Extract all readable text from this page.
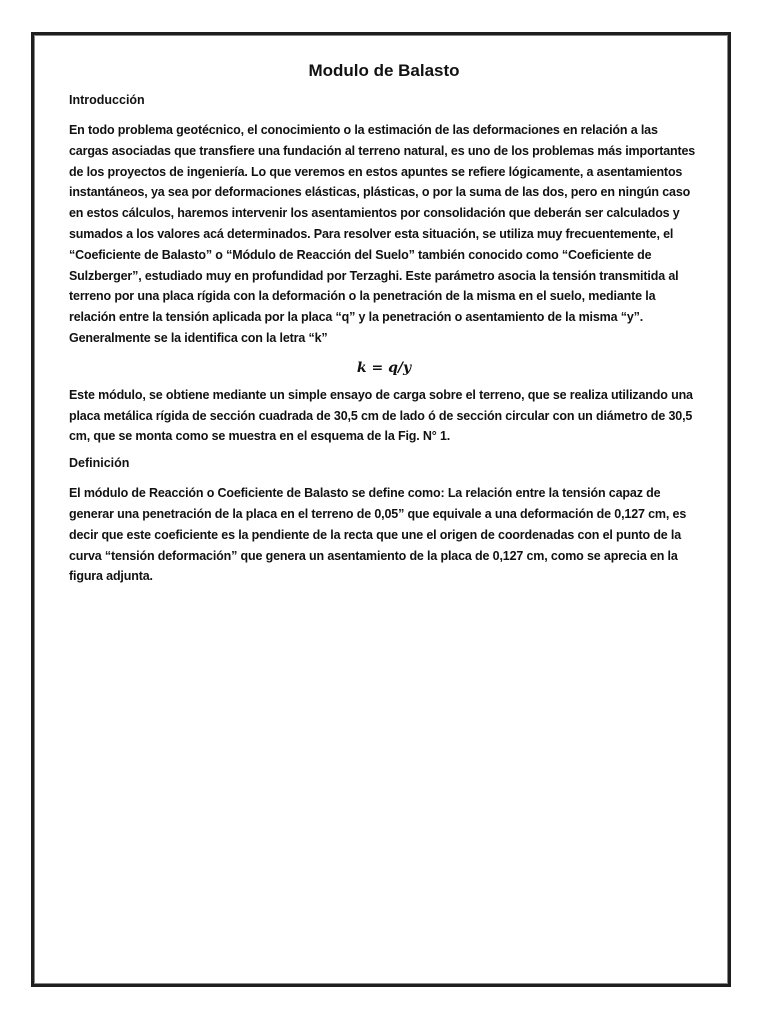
Modulo de Balasto
Introducción

En todo problema geotécnico, el conocimiento o la estimación de las deformaciones en relación a las cargas asociadas que transfiere una fundación al terreno natural, es uno de los problemas más importantes de los proyectos de ingeniería. Lo que veremos en estos apuntes se refiere lógicamente, a asentamientos instantáneos, ya sea por deformaciones elásticas, plásticas, o por la suma de las dos, pero en ningún caso en estos cálculos, haremos intervenir los asentamientos por consolidación que deberán ser calculados y sumados a los valores acá determinados. Para resolver esta situación, se utiliza muy frecuentemente, el “Coeficiente de Balasto” o “Módulo de Reacción del Suelo” también conocido como “Coeficiente de Sulzberger”, estudiado muy en profundidad por Terzaghi. Este parámetro asocia la tensión transmitida al terreno por una placa rígida con la deformación o la penetración de la misma en el suelo, mediante la relación entre la tensión aplicada por la placa “q” y la penetración o asentamiento de la misma “y”. Generalmente se la identifica con la letra “k”

k = q/y

Este módulo, se obtiene mediante un simple ensayo de carga sobre el terreno, que se realiza utilizando una placa metálica rígida de sección cuadrada de 30,5 cm de lado ó de sección circular con un diámetro de 30,5 cm, que se monta como se muestra en el esquema de la Fig. N° 1.

Definición

El módulo de Reacción o Coeficiente de Balasto se define como: La relación entre la tensión capaz de generar una penetración de la placa en el terreno de 0,05” que equivale a una deformación de 0,127 cm, es decir que este coeficiente es la pendiente de la recta que une el origen de coordenadas con el punto de la curva “tensión deformación” que genera un asentamiento de la placa de 0,127 cm, como se aprecia en la figura adjunta.
